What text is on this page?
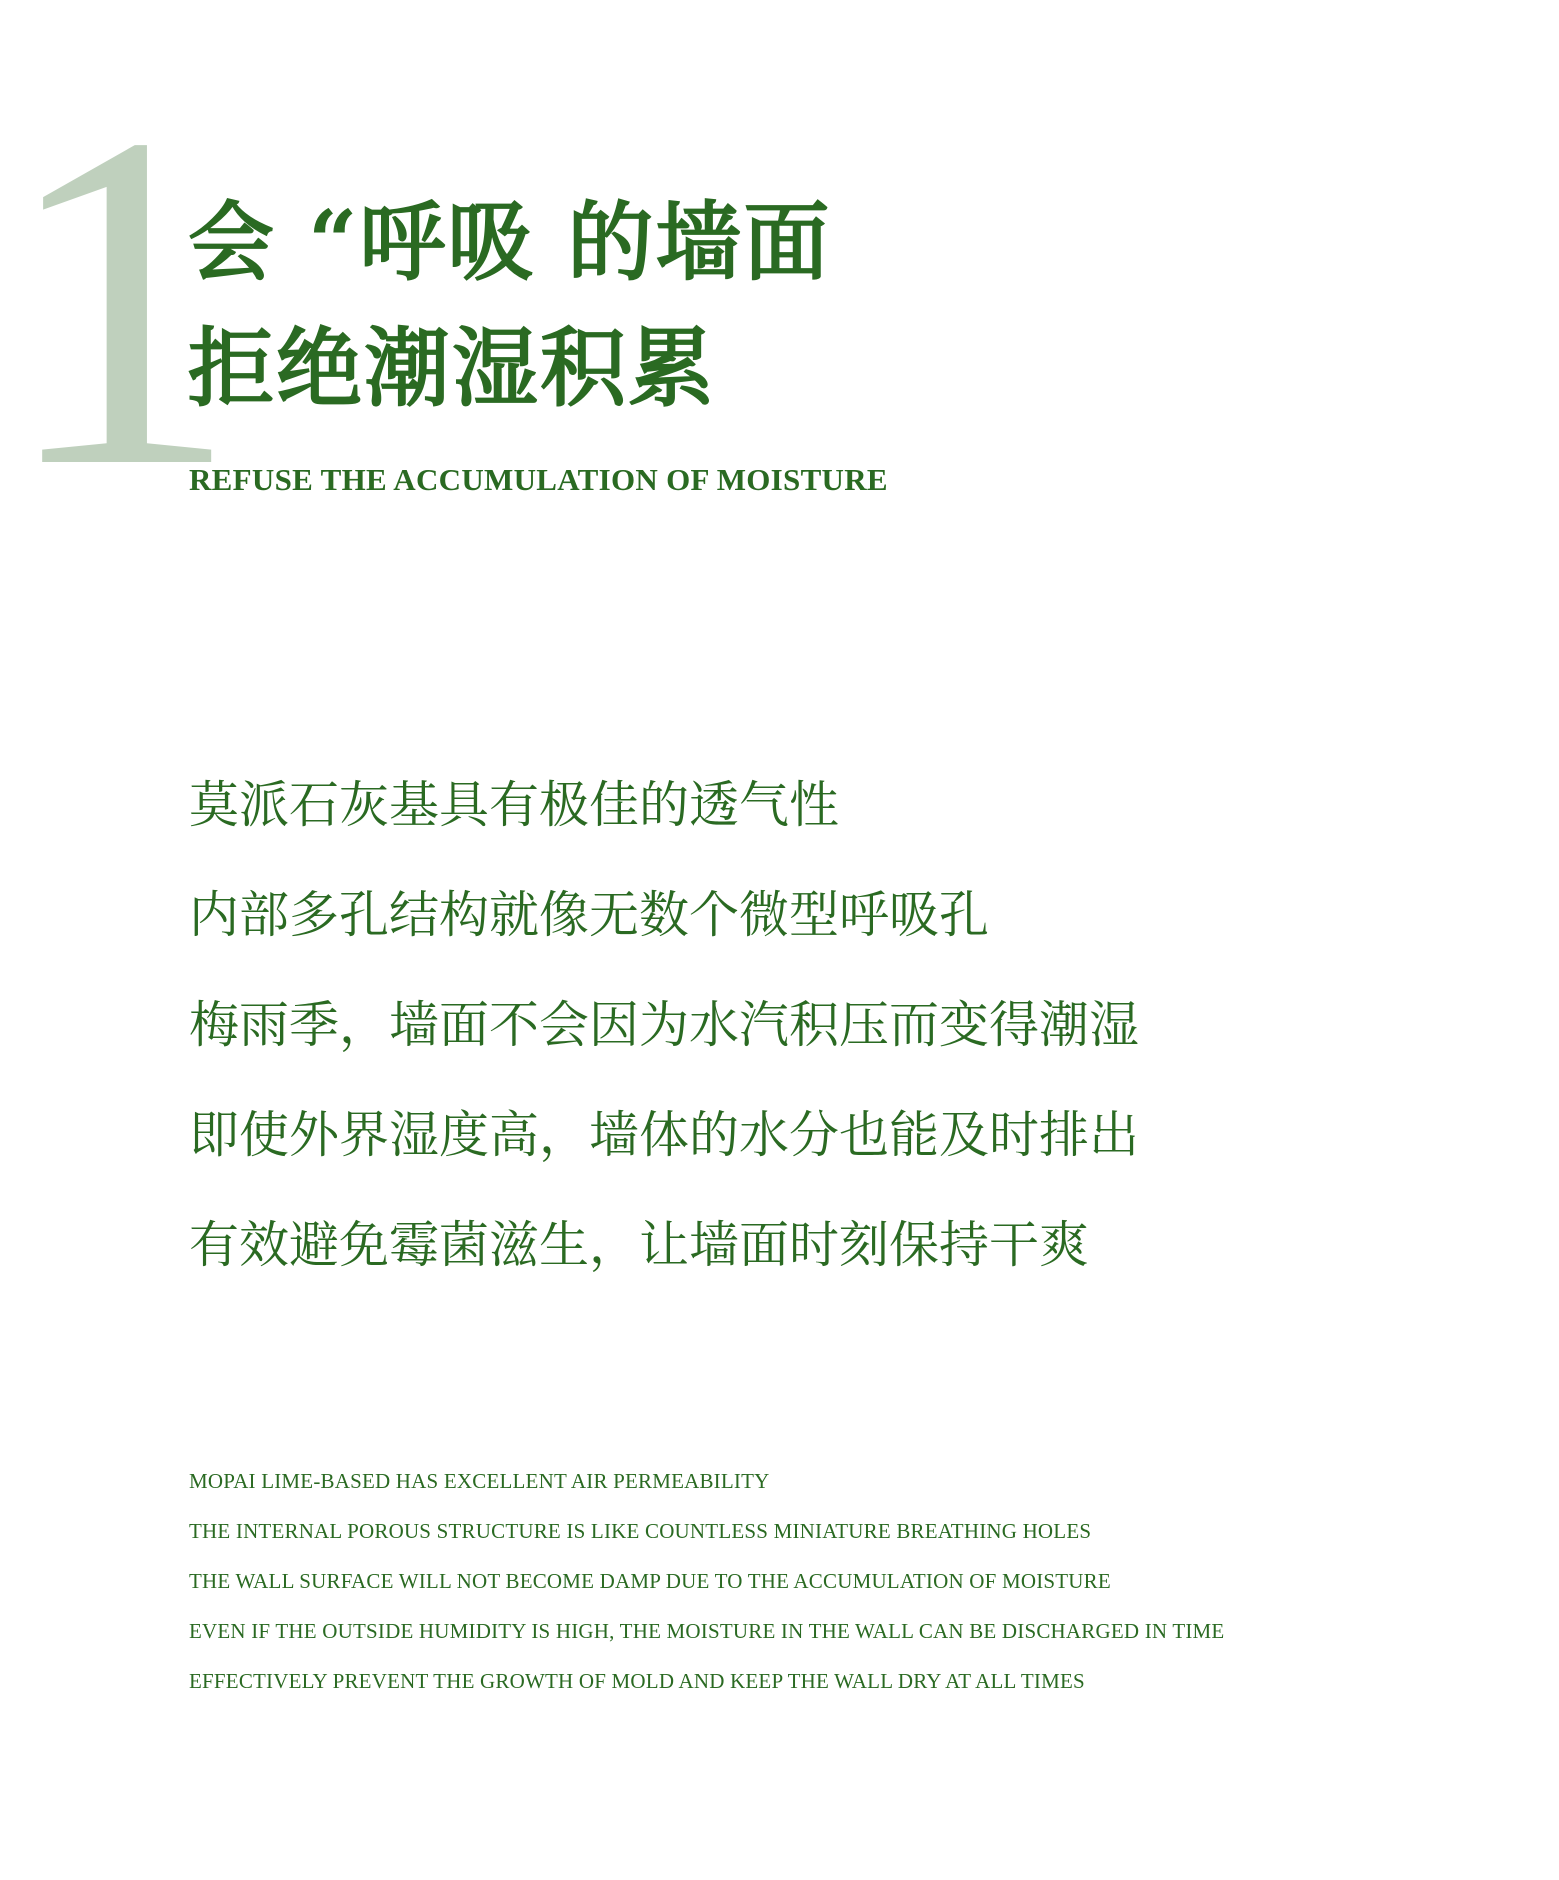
1
会 “呼吸 的墙面
拒绝潮湿积累
REFUSE THE ACCUMULATION OF MOISTURE
莫派石灰基具有极佳的透气性
内部多孔结构就像无数个微型呼吸孔
梅雨季，墙面不会因为水汽积压而变得潮湿
即使外界湿度高，墙体的水分也能及时排出
有效避免霉菌滋生，让墙面时刻保持干爽
MOPAI LIME-BASED HAS EXCELLENT AIR PERMEABILITY
THE INTERNAL POROUS STRUCTURE IS LIKE COUNTLESS MINIATURE BREATHING HOLES
THE WALL SURFACE WILL NOT BECOME DAMP DUE TO THE ACCUMULATION OF MOISTURE
EVEN IF THE OUTSIDE HUMIDITY IS HIGH, THE MOISTURE IN THE WALL CAN BE DISCHARGED IN TIME
EFFECTIVELY PREVENT THE GROWTH OF MOLD AND KEEP THE WALL DRY AT ALL TIMES
